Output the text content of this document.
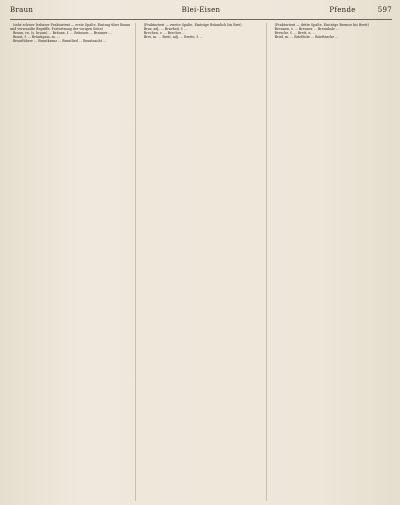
Braun	Blei-Eisen	Pfende	597

(sehr schwer lesbarer Frakturtext — erste Spalte, Eintrag über Braun und verwandte Begriffe, Fortsetzung der vorigen Seite)

Braun, rn. (s. braun) ... Bräune, f. ... Bräunen ... Brauner ...

Braut, f. ... Bräutigam, m. ...

Brautführer ... Brautkranz ... Brautlied ... Brautnacht ...

(Frakturtext — zweite Spalte, Einträge Bräunlich bis Brei)

Brav, adj. ... Bravheit, f. ...

Brechen, v. ... Brecher ...

Brei, m. ... Breit, adj. ... Breite, f. ...

(Frakturtext — dritte Spalte, Einträge Bremse bis Brett)

Brennen, v. ... Brenner ... Brennholz ...

Bresche, f. ... Brett, n. ...

Brief, m. ... Briefbote ... Brieftasche ...
